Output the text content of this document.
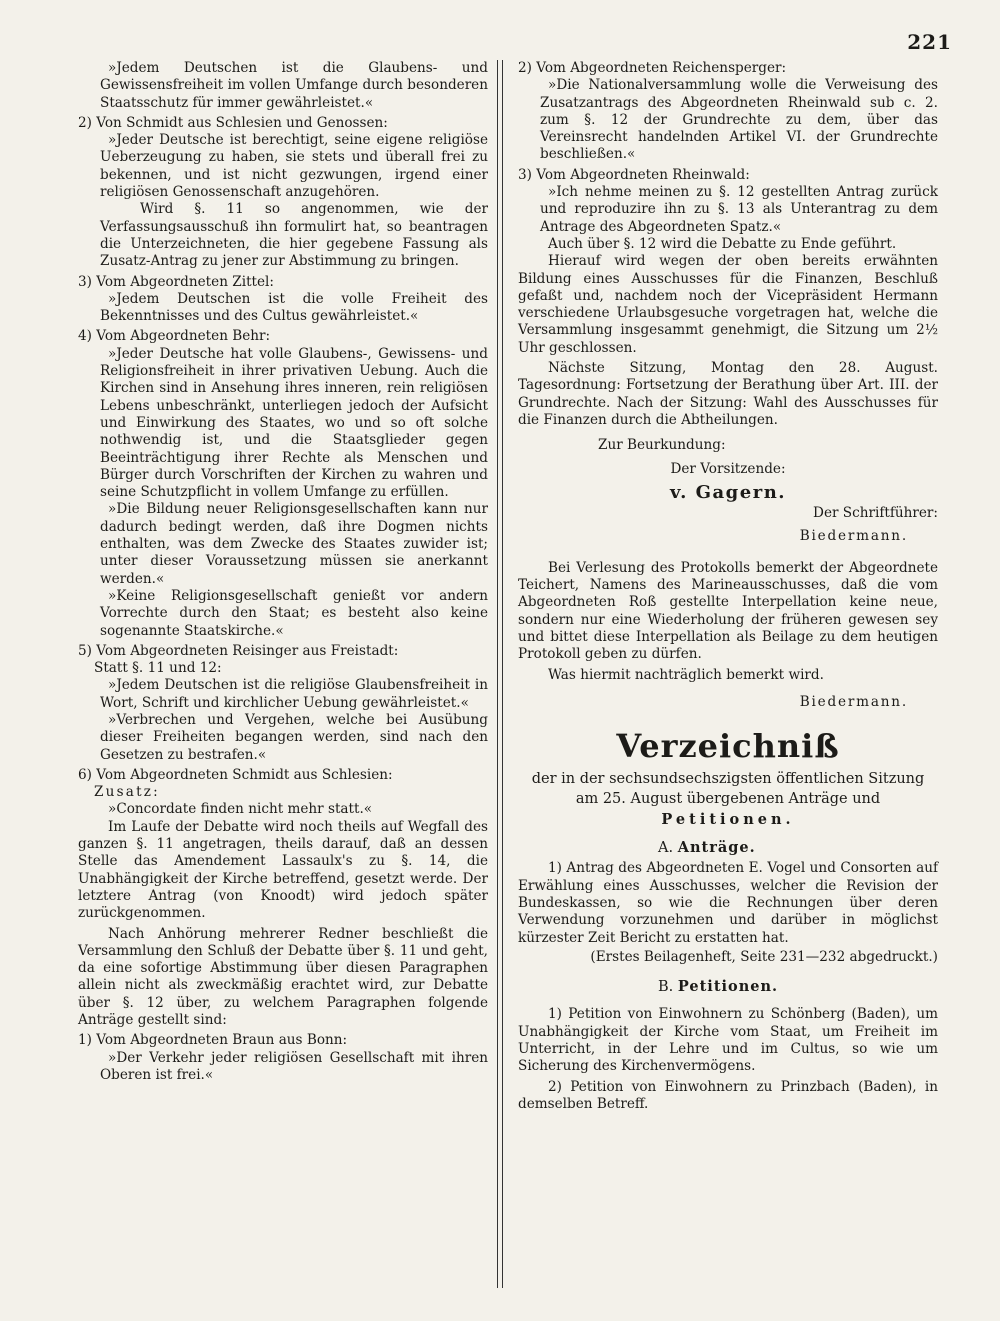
221

»Jedem Deutschen ist die Glaubens- und Gewissensfreiheit im vollen Umfange durch besonderen Staatsschutz für immer gewährleistet.«

2) Von Schmidt aus Schlesien und Genossen:

»Jeder Deutsche ist berechtigt, seine eigene religiöse Ueberzeugung zu haben, sie stets und überall frei zu bekennen, und ist nicht gezwungen, irgend einer religiösen Genossenschaft anzugehören.

Wird §. 11 so angenommen, wie der Verfassungsausschuß ihn formulirt hat, so beantragen die Unterzeichneten, die hier gegebene Fassung als Zusatz-Antrag zu jener zur Abstimmung zu bringen.

3) Vom Abgeordneten Zittel:

»Jedem Deutschen ist die volle Freiheit des Bekenntnisses und des Cultus gewährleistet.«

4) Vom Abgeordneten Behr:

»Jeder Deutsche hat volle Glaubens-, Gewissens- und Religionsfreiheit in ihrer privativen Uebung. Auch die Kirchen sind in Ansehung ihres inneren, rein religiösen Lebens unbeschränkt, unterliegen jedoch der Aufsicht und Einwirkung des Staates, wo und so oft solche nothwendig ist, und die Staatsglieder gegen Beeinträchtigung ihrer Rechte als Menschen und Bürger durch Vorschriften der Kirchen zu wahren und seine Schutzpflicht in vollem Umfange zu erfüllen.

»Die Bildung neuer Religionsgesellschaften kann nur dadurch bedingt werden, daß ihre Dogmen nichts enthalten, was dem Zwecke des Staates zuwider ist; unter dieser Voraussetzung müssen sie anerkannt werden.«

»Keine Religionsgesellschaft genießt vor andern Vorrechte durch den Staat; es besteht also keine sogenannte Staatskirche.«

5) Vom Abgeordneten Reisinger aus Freistadt:

Statt §. 11 und 12:

»Jedem Deutschen ist die religiöse Glaubensfreiheit in Wort, Schrift und kirchlicher Uebung gewährleistet.«

»Verbrechen und Vergehen, welche bei Ausübung dieser Freiheiten begangen werden, sind nach den Gesetzen zu bestrafen.«

6) Vom Abgeordneten Schmidt aus Schlesien:

Zusatz:

»Concordate finden nicht mehr statt.«

Im Laufe der Debatte wird noch theils auf Wegfall des ganzen §. 11 angetragen, theils darauf, daß an dessen Stelle das Amendement Lassaulx's zu §. 14, die Unabhängigkeit der Kirche betreffend, gesetzt werde. Der letztere Antrag (von Knoodt) wird jedoch später zurückgenommen.

Nach Anhörung mehrerer Redner beschließt die Versammlung den Schluß der Debatte über §. 11 und geht, da eine sofortige Abstimmung über diesen Paragraphen allein nicht als zweckmäßig erachtet wird, zur Debatte über §. 12 über, zu welchem Paragraphen folgende Anträge gestellt sind:

1) Vom Abgeordneten Braun aus Bonn:

»Der Verkehr jeder religiösen Gesellschaft mit ihren Oberen ist frei.«

2) Vom Abgeordneten Reichensperger:

»Die Nationalversammlung wolle die Verweisung des Zusatzantrags des Abgeordneten Rheinwald sub c. 2. zum §. 12 der Grundrechte zu dem, über das Vereinsrecht handelnden Artikel VI. der Grundrechte beschließen.«

3) Vom Abgeordneten Rheinwald:

»Ich nehme meinen zu §. 12 gestellten Antrag zurück und reproduzire ihn zu §. 13 als Unterantrag zu dem Antrage des Abgeordneten Spatz.«

Auch über §. 12 wird die Debatte zu Ende geführt.

Hierauf wird wegen der oben bereits erwähnten Bildung eines Ausschusses für die Finanzen, Beschluß gefaßt und, nachdem noch der Vicepräsident Hermann verschiedene Urlaubsgesuche vorgetragen hat, welche die Versammlung insgesammt genehmigt, die Sitzung um 2½ Uhr geschlossen.

Nächste Sitzung, Montag den 28. August. Tagesordnung: Fortsetzung der Berathung über Art. III. der Grundrechte. Nach der Sitzung: Wahl des Ausschusses für die Finanzen durch die Abtheilungen.

Zur Beurkundung:

Der Vorsitzende:

v. Gagern.

Der Schriftführer:

Biedermann.

Bei Verlesung des Protokolls bemerkt der Abgeordnete Teichert, Namens des Marineausschusses, daß die vom Abgeordneten Roß gestellte Interpellation keine neue, sondern nur eine Wiederholung der früheren gewesen sey und bittet diese Interpellation als Beilage zu dem heutigen Protokoll geben zu dürfen.

Was hiermit nachträglich bemerkt wird.

Biedermann.

Verzeichniß

der in der sechsundsechszigsten öffentlichen Sitzung

am 25. August übergebenen Anträge und

Petitionen.

A. Anträge.

1) Antrag des Abgeordneten E. Vogel und Consorten auf Erwählung eines Ausschusses, welcher die Revision der Bundeskassen, so wie die Rechnungen über deren Verwendung vorzunehmen und darüber in möglichst kürzester Zeit Bericht zu erstatten hat.

(Erstes Beilagenheft, Seite 231—232 abgedruckt.)

B. Petitionen.

1) Petition von Einwohnern zu Schönberg (Baden), um Unabhängigkeit der Kirche vom Staat, um Freiheit im Unterricht, in der Lehre und im Cultus, so wie um Sicherung des Kirchenvermögens.

2) Petition von Einwohnern zu Prinzbach (Baden), in demselben Betreff.
